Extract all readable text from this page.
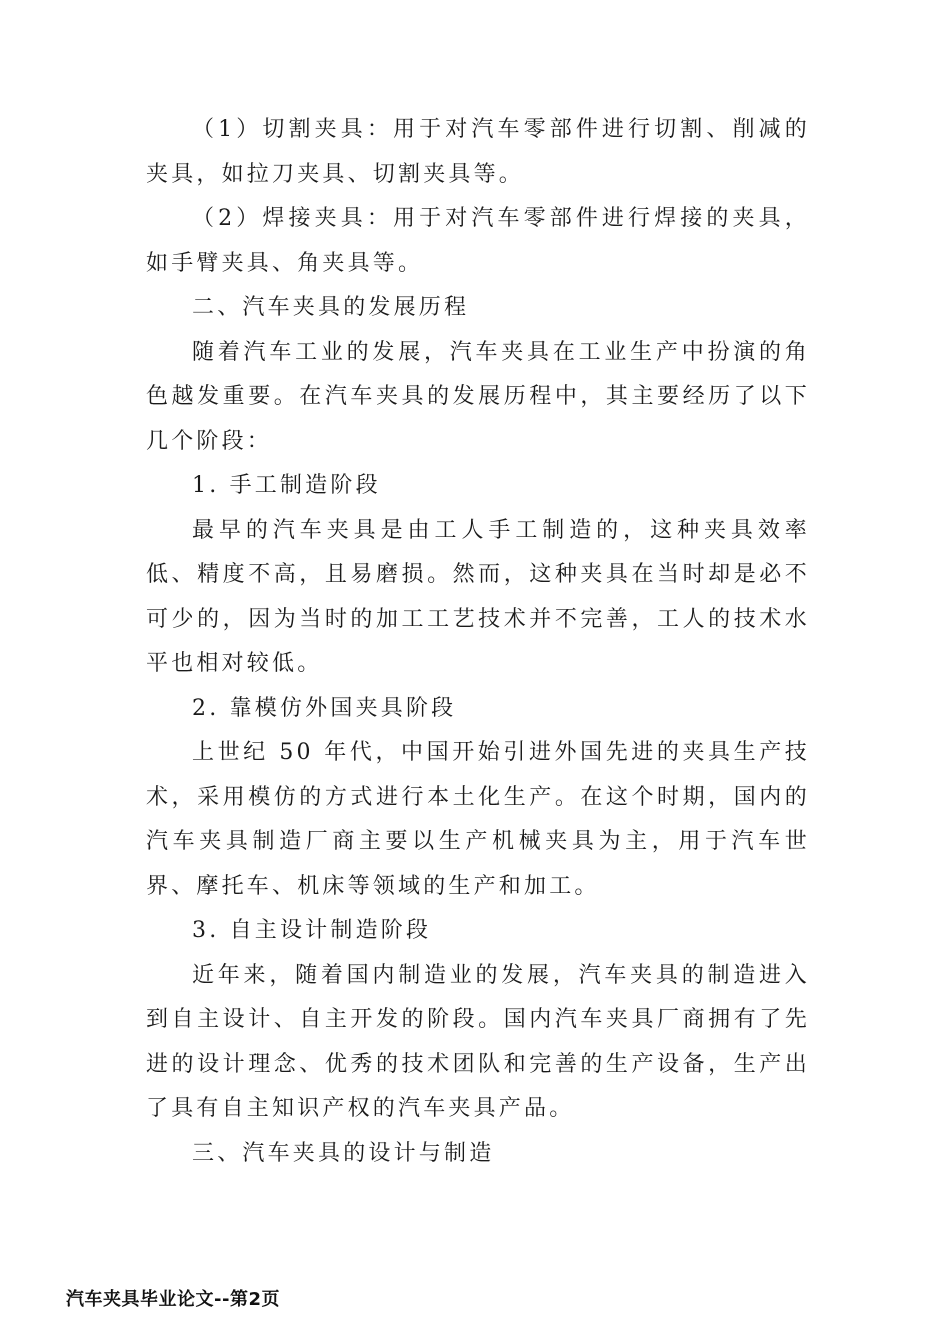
（1）切割夹具：用于对汽车零部件进行切割、削减的夹具，如拉刀夹具、切割夹具等。

（2）焊接夹具：用于对汽车零部件进行焊接的夹具，如手臂夹具、角夹具等。

二、汽车夹具的发展历程

随着汽车工业的发展，汽车夹具在工业生产中扮演的角色越发重要。在汽车夹具的发展历程中，其主要经历了以下几个阶段：

1. 手工制造阶段

最早的汽车夹具是由工人手工制造的，这种夹具效率低、精度不高，且易磨损。然而，这种夹具在当时却是必不可少的，因为当时的加工工艺技术并不完善，工人的技术水平也相对较低。

2. 靠模仿外国夹具阶段

上世纪 50 年代，中国开始引进外国先进的夹具生产技术，采用模仿的方式进行本土化生产。在这个时期，国内的汽车夹具制造厂商主要以生产机械夹具为主，用于汽车世界、摩托车、机床等领域的生产和加工。

3. 自主设计制造阶段

近年来，随着国内制造业的发展，汽车夹具的制造进入到自主设计、自主开发的阶段。国内汽车夹具厂商拥有了先进的设计理念、优秀的技术团队和完善的生产设备，生产出了具有自主知识产权的汽车夹具产品。

三、汽车夹具的设计与制造

汽车夹具毕业论文--第2页
